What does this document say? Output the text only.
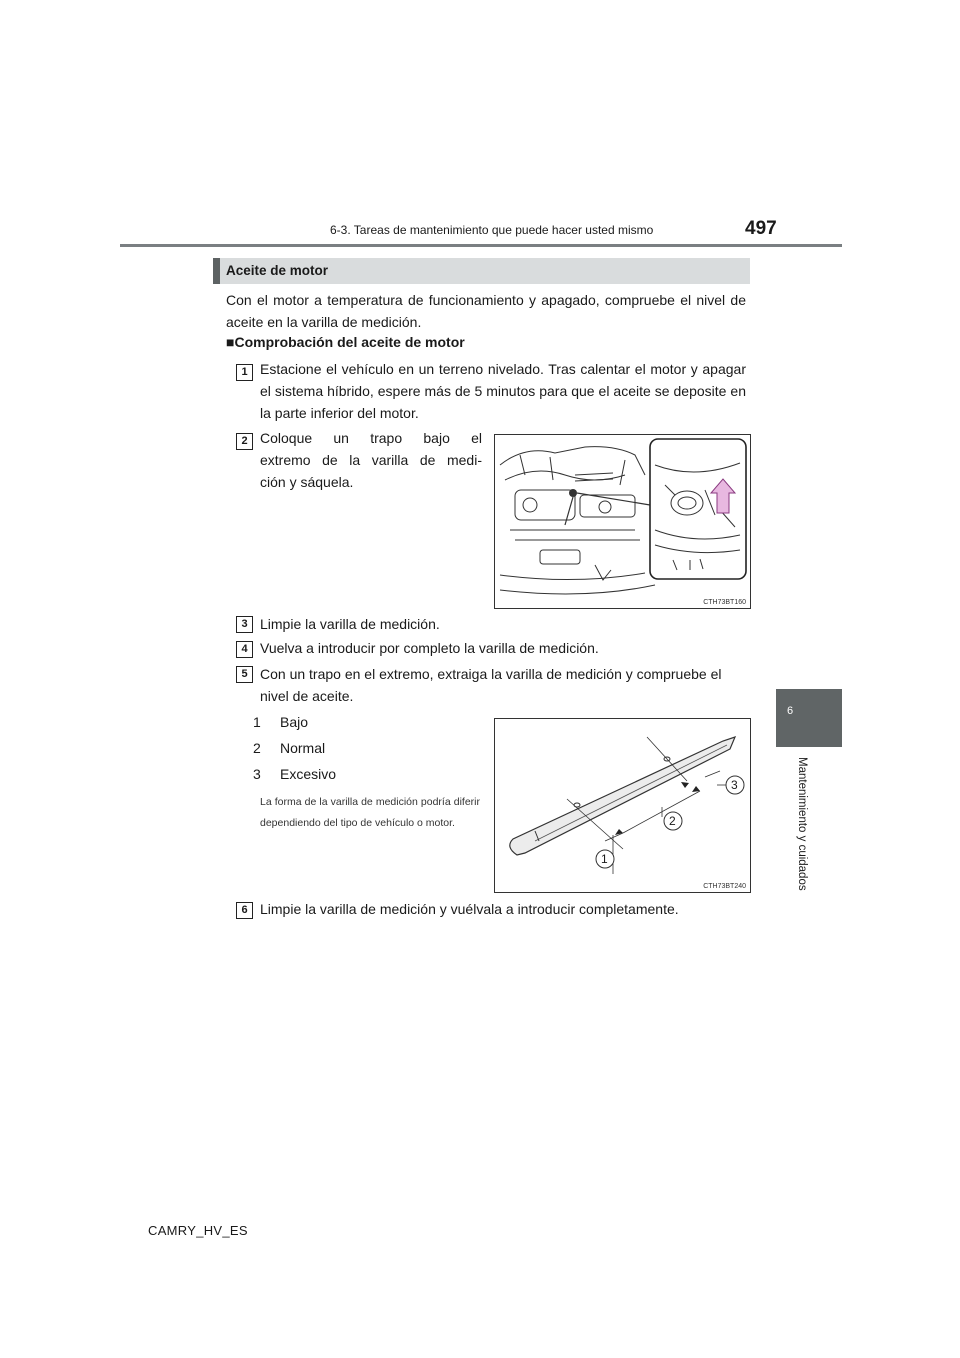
6-3. Tareas de mantenimiento que puede hacer usted mismo	497
6
Mantenimiento y cuidados
Aceite de motor
Con el motor a temperatura de funcionamiento y apagado, compruebe el nivel de aceite en la varilla de medición.
■Comprobación del aceite de motor
1 Estacione el vehículo en un terreno nivelado. Tras calentar el motor y apagar el sistema híbrido, espere más de 5 minutos para que el aceite se deposite en la parte inferior del motor.
2 Coloque un trapo bajo el
extremo de la varilla de medi-
ción y sáquela.
CTH73BT160
3 Limpie la varilla de medición.
4 Vuelva a introducir por completo la varilla de medición.
5 Con un trapo en el extremo, extraiga la varilla de medición y compruebe el nivel de aceite.
1 Bajo
2 Normal
3 Excesivo
La forma de la varilla de medición podría diferir dependiendo del tipo de vehículo o motor.
1
2
3
CTH73BT240
6 Limpie la varilla de medición y vuélvala a introducir completamente.
CAMRY_HV_ES
